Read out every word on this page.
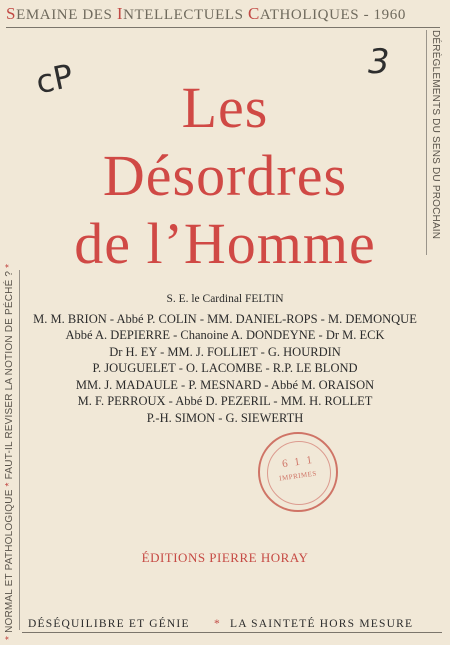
SEMAINE DES INTELLECTUELS CATHOLIQUES - 1960
DÉRÈGLEMENTS DU SENS DU PROCHAIN
* NORMAL ET PATHOLOGIQUE * FAUT-IL REVISER LA NOTION DE PÉCHÉ ? *
cP	3
Les
Désordres
de l’Homme
S. E. le Cardinal FELTIN
M. M. BRION - Abbé P. COLIN - MM. DANIEL-ROPS - M. DEMONQUE
Abbé A. DEPIERRE - Chanoine A. DONDEYNE - Dr M. ECK
Dr H. EY - MM. J. FOLLIET - G. HOURDIN
P. JOUGUELET - O. LACOMBE - R.P. LE BLOND
MM. J. MADAULE - P. MESNARD - Abbé M. ORAISON
M. F. PERROUX - Abbé D. PEZERIL - MM. H. ROLLET
P.-H. SIMON - G. SIEWERTH
6 1 1
IMPRIMES
ÉDITIONS PIERRE HORAY
DÉSÉQUILIBRE ET GÉNIE * LA SAINTETÉ HORS MESURE
